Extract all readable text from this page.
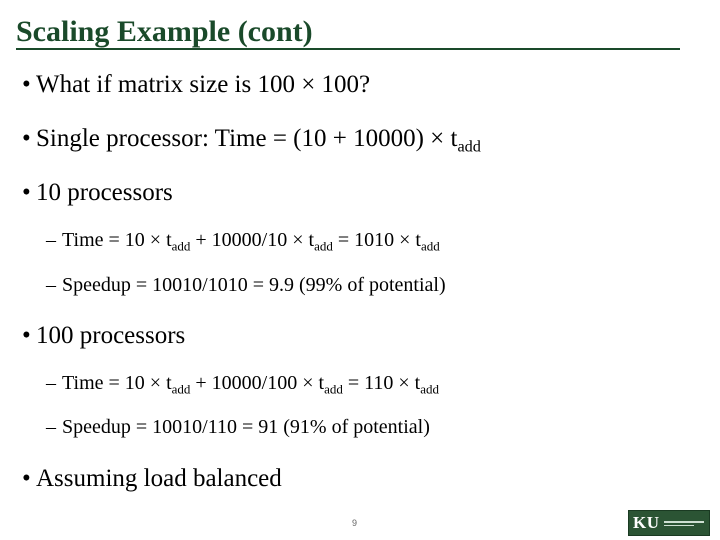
Scaling Example (cont)
• What if matrix size is 100 × 100?
• Single processor: Time = $(10 + 10000) \times t_{add}$
• 10 processors
– Time = $10 \times t_{add} + 10000/10 \times t_{add} = 1010 \times t_{add}$
– Speedup = 10010/1010 = 9.9 (99% of potential)
• 100 processors
– Time = $10 \times t_{add} + 10000/100 \times t_{add} = 110 \times t_{add}$
– Speedup = 10010/110 = 91 (91% of potential)
• Assuming load balanced
9	KU
